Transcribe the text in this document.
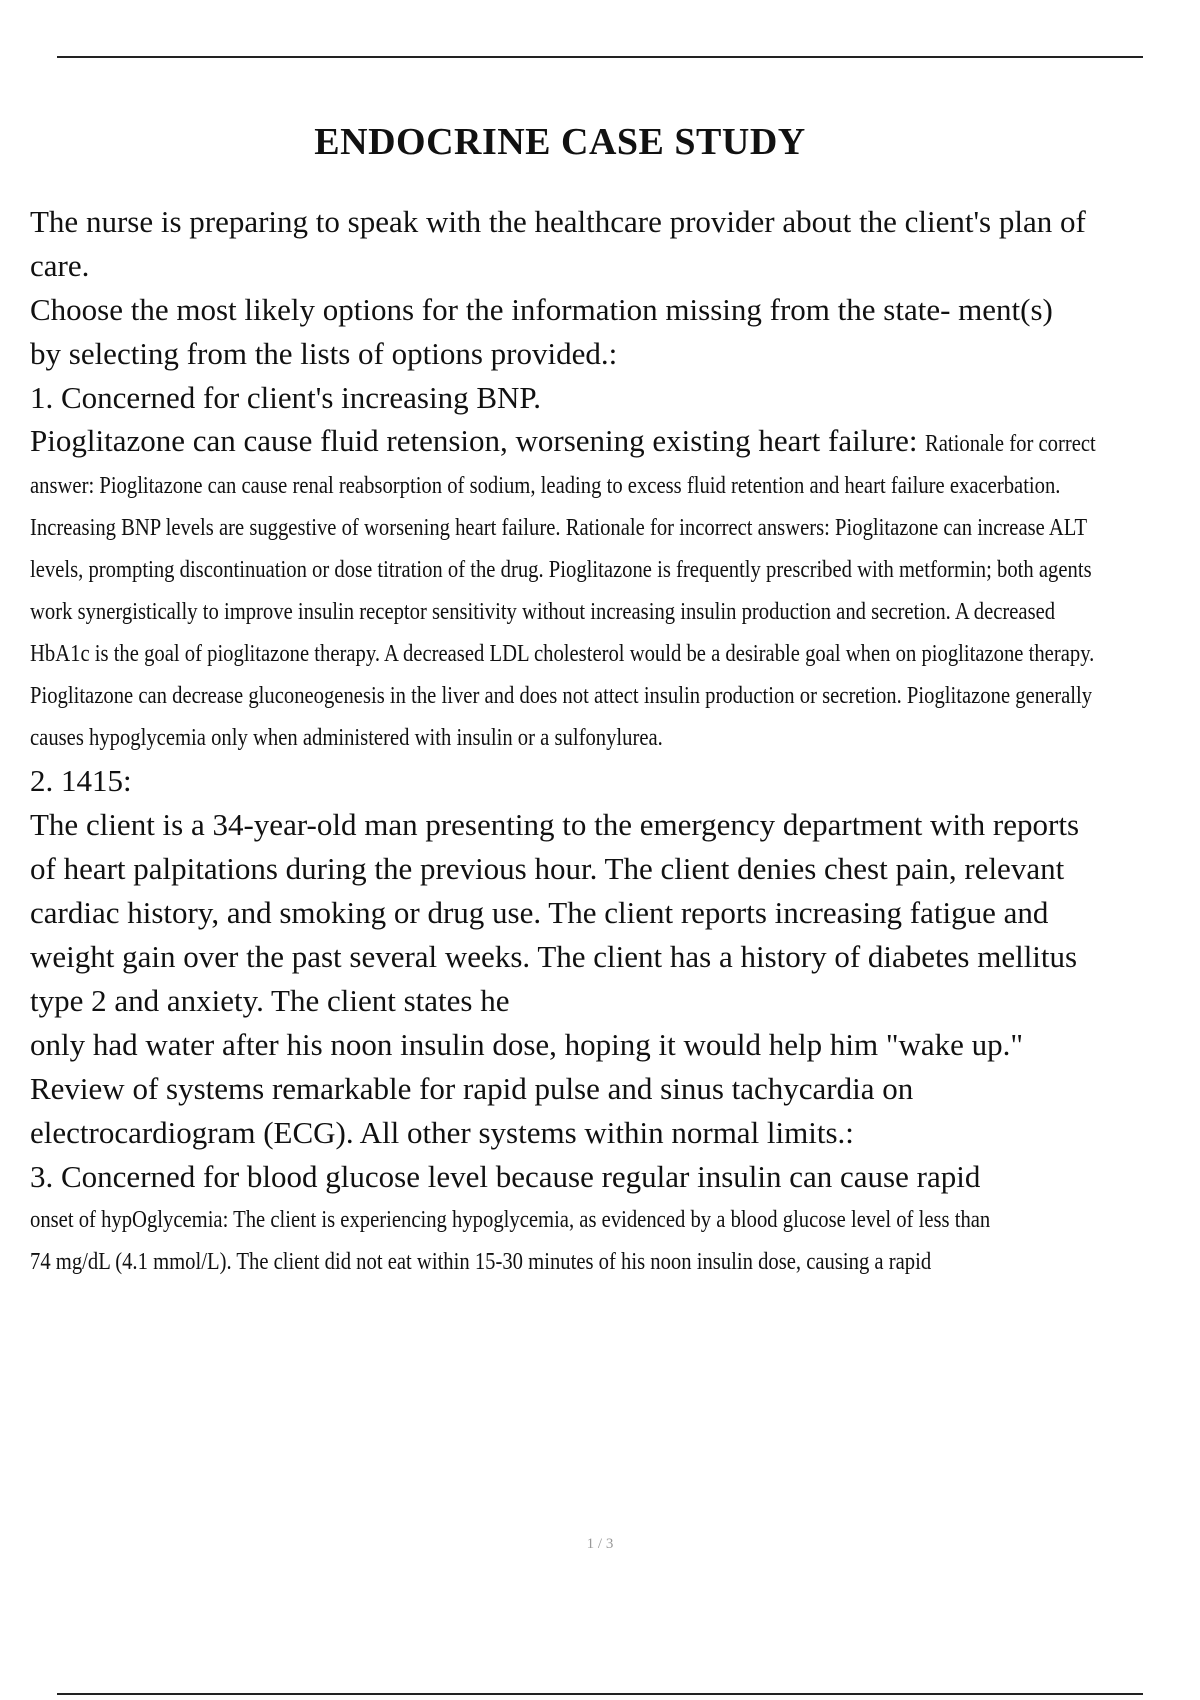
ENDOCRINE CASE STUDY

The nurse is preparing to speak with the healthcare provider about the client's plan of

care.

Choose the most likely options for the information missing from the state- ment(s)

by selecting from the lists of options provided.:

1. Concerned for client's increasing BNP.

Pioglitazone can cause fluid retension, worsening existing heart failure: Rationale for correct

answer: Pioglitazone can cause renal reabsorption of sodium, leading to excess fluid retention and heart failure exacerbation. Increasing BNP levels are suggestive of worsening heart failure. Rationale for incorrect answers: Pioglitazone can increase ALT levels, prompting discontinuation or dose titration of the drug. Pioglitazone is frequently prescribed with metformin; both agents work synergistically to improve insulin receptor sensitivity without increasing insulin production and secretion. A decreased HbA1c is the goal of pioglitazone therapy. A decreased LDL cholesterol would be a desirable goal when on pioglitazone therapy. Pioglitazone can decrease gluconeogenesis in the liver and does not attect insulin production or secretion. Pioglitazone generally causes hypoglycemia only when administered with insulin or a sulfonylurea.

2. 1415:

The client is a 34-year-old man presenting to the emergency department with reports

of heart palpitations during the previous hour. The client denies chest pain, relevant

cardiac history, and smoking or drug use. The client reports increasing fatigue and

weight gain over the past several weeks. The client has a history of diabetes mellitus

type 2 and anxiety. The client states he

only had water after his noon insulin dose, hoping it would help him "wake up."

Review of systems remarkable for rapid pulse and sinus tachycardia on

electrocardiogram (ECG). All other systems within normal limits.:

3. Concerned for blood glucose level because regular insulin can cause rapid

onset of hypOglycemia: The client is experiencing hypoglycemia, as evidenced by a blood glucose level of less than 74 mg/dL (4.1 mmol/L). The client did not eat within 15-30 minutes of his noon insulin dose, causing a rapid
1 / 3
